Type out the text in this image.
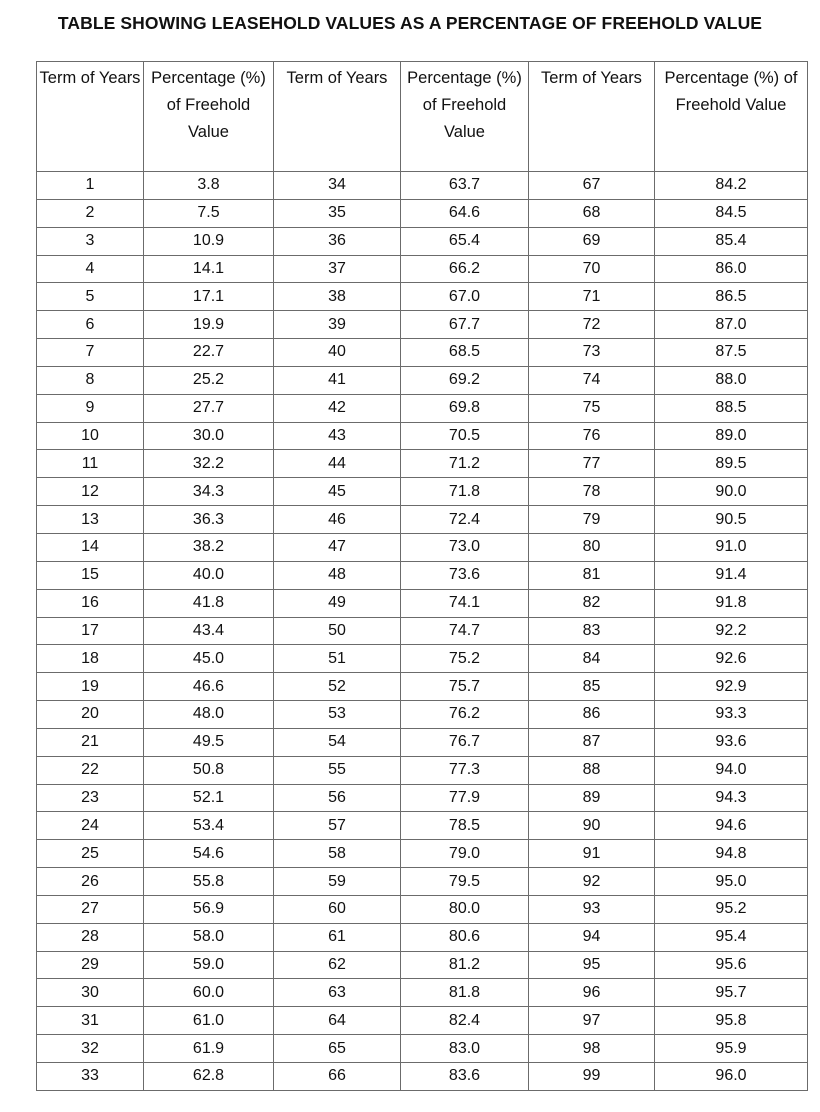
TABLE SHOWING LEASEHOLD VALUES AS A PERCENTAGE OF FREEHOLD VALUE
Term of Years	Percentage (%) of Freehold Value	Term of Years	Percentage (%) of Freehold Value	Term of Years	Percentage (%) of Freehold Value
1	3.8	34	63.7	67	84.2
2	7.5	35	64.6	68	84.5
3	10.9	36	65.4	69	85.4
4	14.1	37	66.2	70	86.0
5	17.1	38	67.0	71	86.5
6	19.9	39	67.7	72	87.0
7	22.7	40	68.5	73	87.5
8	25.2	41	69.2	74	88.0
9	27.7	42	69.8	75	88.5
10	30.0	43	70.5	76	89.0
11	32.2	44	71.2	77	89.5
12	34.3	45	71.8	78	90.0
13	36.3	46	72.4	79	90.5
14	38.2	47	73.0	80	91.0
15	40.0	48	73.6	81	91.4
16	41.8	49	74.1	82	91.8
17	43.4	50	74.7	83	92.2
18	45.0	51	75.2	84	92.6
19	46.6	52	75.7	85	92.9
20	48.0	53	76.2	86	93.3
21	49.5	54	76.7	87	93.6
22	50.8	55	77.3	88	94.0
23	52.1	56	77.9	89	94.3
24	53.4	57	78.5	90	94.6
25	54.6	58	79.0	91	94.8
26	55.8	59	79.5	92	95.0
27	56.9	60	80.0	93	95.2
28	58.0	61	80.6	94	95.4
29	59.0	62	81.2	95	95.6
30	60.0	63	81.8	96	95.7
31	61.0	64	82.4	97	95.8
32	61.9	65	83.0	98	95.9
33	62.8	66	83.6	99	96.0
